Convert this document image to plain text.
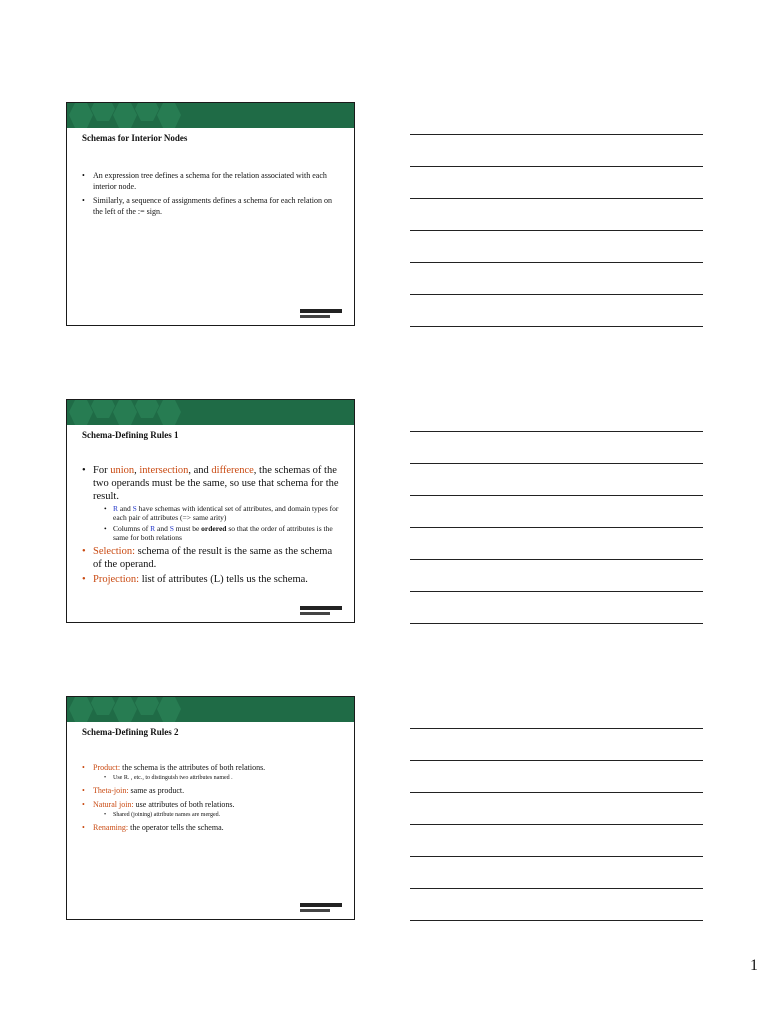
Schemas for Interior Nodes
• An expression tree defines a schema for the relation associated with each interior node.
• Similarly, a sequence of assignments defines a schema for each relation on the left of the := sign.
Schema-Defining Rules 1
• For union, intersection, and difference, the schemas of the two operands must be the same, so use that schema for the result.
• R and S have schemas with identical set of attributes, and domain types for each pair of attributes (=> same arity)
• Columns of R and S must be ordered so that the order of attributes is the same for both relations
• Selection: schema of the result is the same as the schema of the operand.
• Projection: list of attributes (L) tells us the schema.
Schema-Defining Rules 2
• Product: the schema is the attributes of both relations.
• Use R. , etc., to distinguish two attributes named .
• Theta-join: same as product.
• Natural join: use attributes of both relations.
• Shared (joining) attribute names are merged.
• Renaming: the operator tells the schema.
1
